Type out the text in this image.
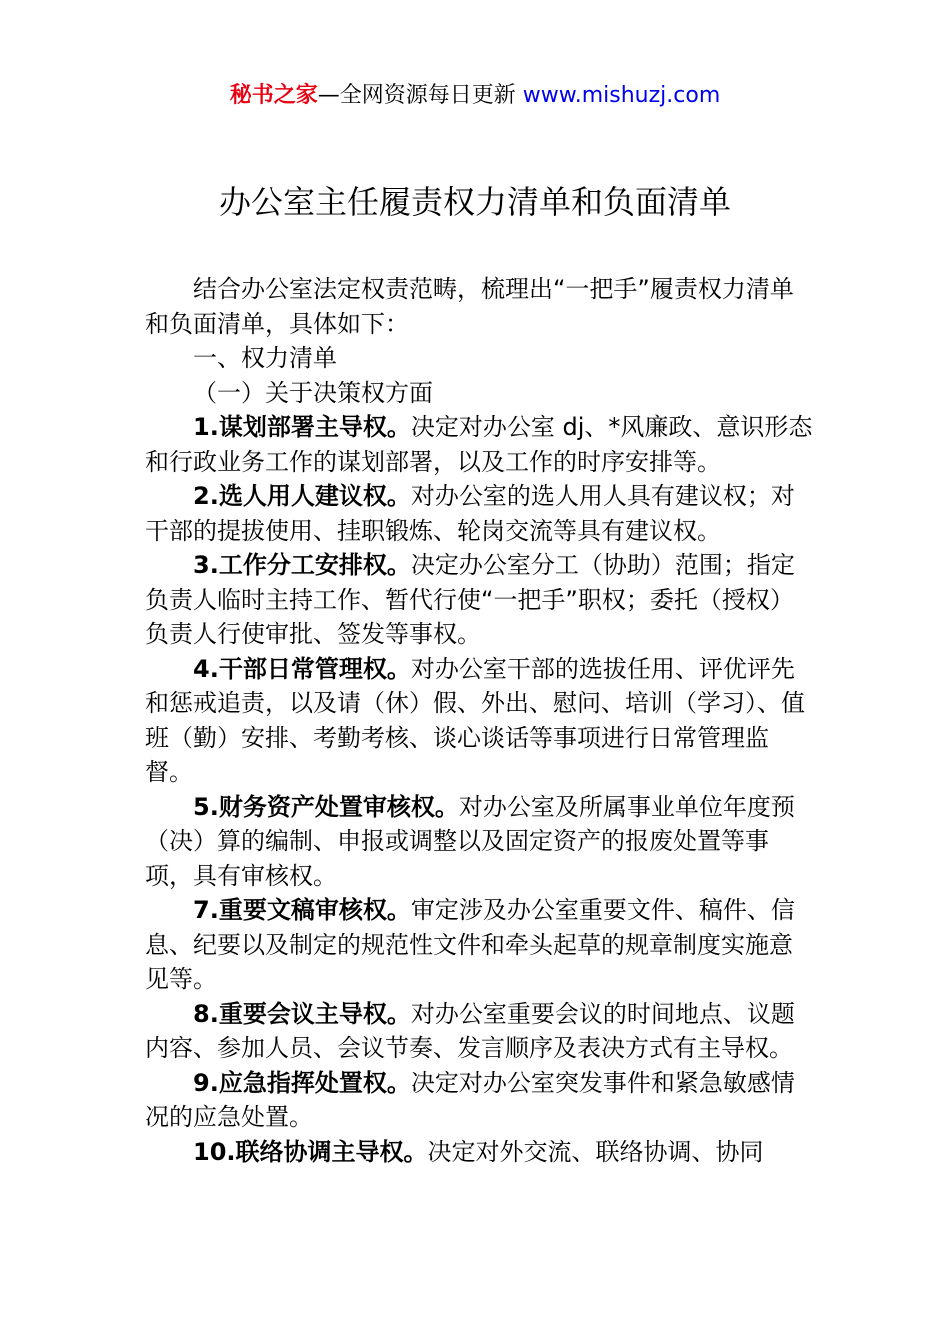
秘书之家—全网资源每日更新 www.mishuzj.com
办公室主任履责权力清单和负面清单

结合办公室法定权责范畴，梳理出“一把手”履责权力清单和负面清单，具体如下：

一、权力清单

（一）关于决策权方面

1.谋划部署主导权。决定对办公室 dj、*风廉政、意识形态和行政业务工作的谋划部署，以及工作的时序安排等。

2.选人用人建议权。对办公室的选人用人具有建议权；对干部的提拔使用、挂职锻炼、轮岗交流等具有建议权。

3.工作分工安排权。决定办公室分工（协助）范围；指定负责人临时主持工作、暂代行使“一把手”职权；委托（授权）负责人行使审批、签发等事权。

4.干部日常管理权。对办公室干部的选拔任用、评优评先和惩戒追责，以及请（休）假、外出、慰问、培训（学习）、值班（勤）安排、考勤考核、谈心谈话等事项进行日常管理监督。

5.财务资产处置审核权。对办公室及所属事业单位年度预（决）算的编制、申报或调整以及固定资产的报废处置等事项，具有审核权。

7.重要文稿审核权。审定涉及办公室重要文件、稿件、信息、纪要以及制定的规范性文件和牵头起草的规章制度实施意见等。

8.重要会议主导权。对办公室重要会议的时间地点、议题内容、参加人员、会议节奏、发言顺序及表决方式有主导权。

9.应急指挥处置权。决定对办公室突发事件和紧急敏感情况的应急处置。

10.联络协调主导权。决定对外交流、联络协调、协同
